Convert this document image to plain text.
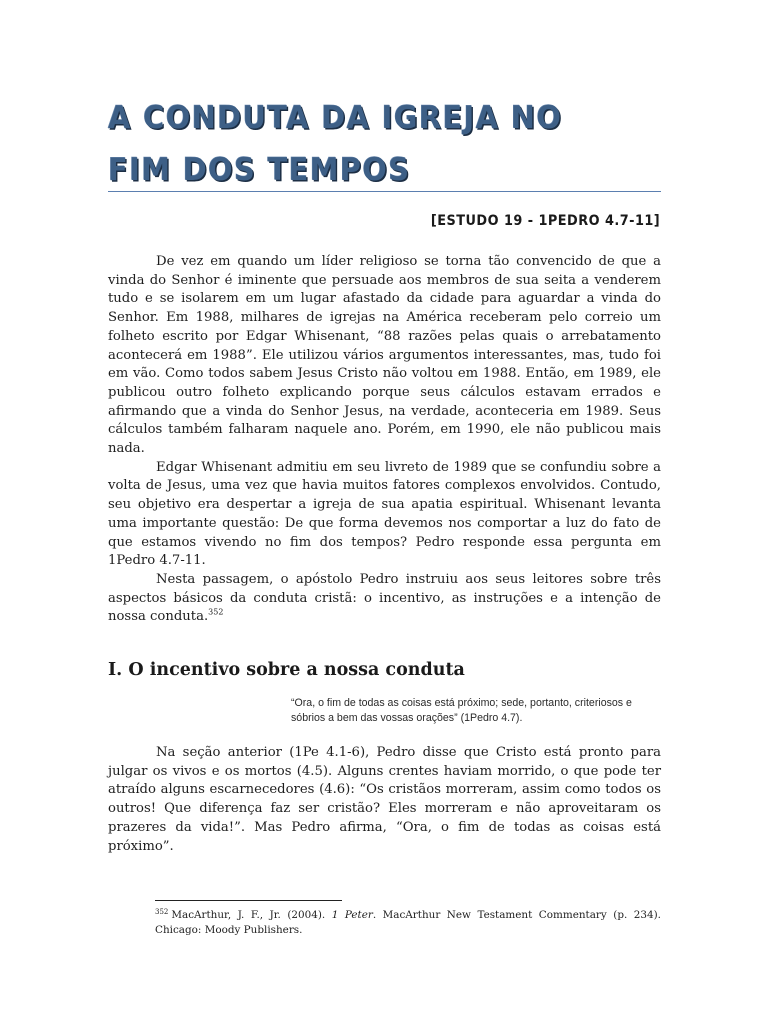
A CONDUTA DA IGREJA NO FIM DOS TEMPOS
[ESTUDO 19 - 1PEDRO 4.7-11]

De vez em quando um líder religioso se torna tão convencido de que a vinda do Senhor é iminente que persuade aos membros de sua seita a venderem tudo e se isolarem em um lugar afastado da cidade para aguardar a vinda do Senhor. Em 1988, milhares de igrejas na América receberam pelo correio um folheto escrito por Edgar Whisenant, “88 razões pelas quais o arrebatamento acontecerá em 1988”. Ele utilizou vários argumentos interessantes, mas, tudo foi em vão. Como todos sabem Jesus Cristo não voltou em 1988. Então, em 1989, ele publicou outro folheto explicando porque seus cálculos estavam errados e afirmando que a vinda do Senhor Jesus, na verdade, aconteceria em 1989. Seus cálculos também falharam naquele ano. Porém, em 1990, ele não publicou mais nada.

Edgar Whisenant admitiu em seu livreto de 1989 que se confundiu sobre a volta de Jesus, uma vez que havia muitos fatores complexos envolvidos. Contudo, seu objetivo era despertar a igreja de sua apatia espiritual. Whisenant levanta uma importante questão: De que forma devemos nos comportar a luz do fato de que estamos vivendo no fim dos tempos? Pedro responde essa pergunta em 1Pedro 4.7-11.

Nesta passagem, o apóstolo Pedro instruiu aos seus leitores sobre três aspectos básicos da conduta cristã: o incentivo, as instruções e a intenção de nossa conduta.$^{352}$

I. O incentivo sobre a nossa conduta

“Ora, o fim de todas as coisas está próximo; sede, portanto, criteriosos e sóbrios a bem das vossas orações” (1Pedro 4.7).

Na seção anterior (1Pe 4.1-6), Pedro disse que Cristo está pronto para julgar os vivos e os mortos (4.5). Alguns crentes haviam morrido, o que pode ter atraído alguns escarnecedores (4.6): “Os cristãos morreram, assim como todos os outros! Que diferença faz ser cristão? Eles morreram e não aproveitaram os prazeres da vida!”. Mas Pedro afirma, “Ora, o fim de todas as coisas está próximo”.

$^{352}$ MacArthur, J. F., Jr. (2004). 1 Peter. MacArthur New Testament Commentary (p. 234). Chicago: Moody Publishers.
